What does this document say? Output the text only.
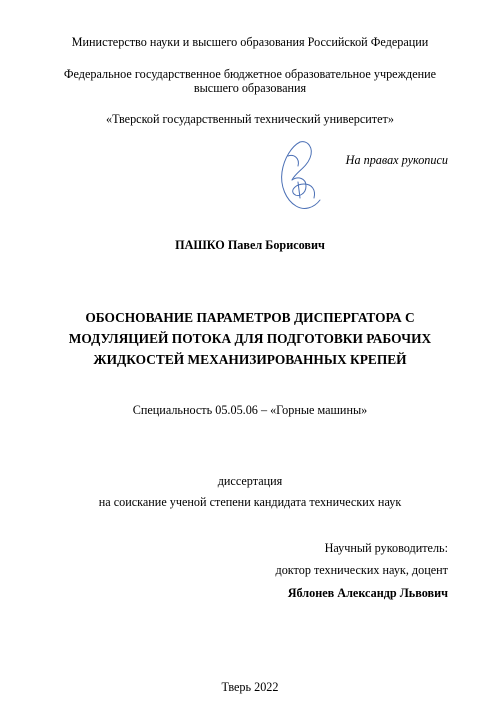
Министерство науки и высшего образования Российской Федерации
Федеральное государственное бюджетное образовательное учреждение
высшего образования
«Тверской государственный технический университет»
На правах рукописи
ПАШКО Павел Борисович
ОБОСНОВАНИЕ ПАРАМЕТРОВ ДИСПЕРГАТОРА С
МОДУЛЯЦИЕЙ ПОТОКА ДЛЯ ПОДГОТОВКИ РАБОЧИХ
ЖИДКОСТЕЙ МЕХАНИЗИРОВАННЫХ КРЕПЕЙ
Специальность 05.05.06 – «Горные машины»
диссертация
на соискание ученой степени кандидата технических наук
Научный руководитель:
доктор технических наук, доцент
Яблонев Александр Львович
Тверь 2022
